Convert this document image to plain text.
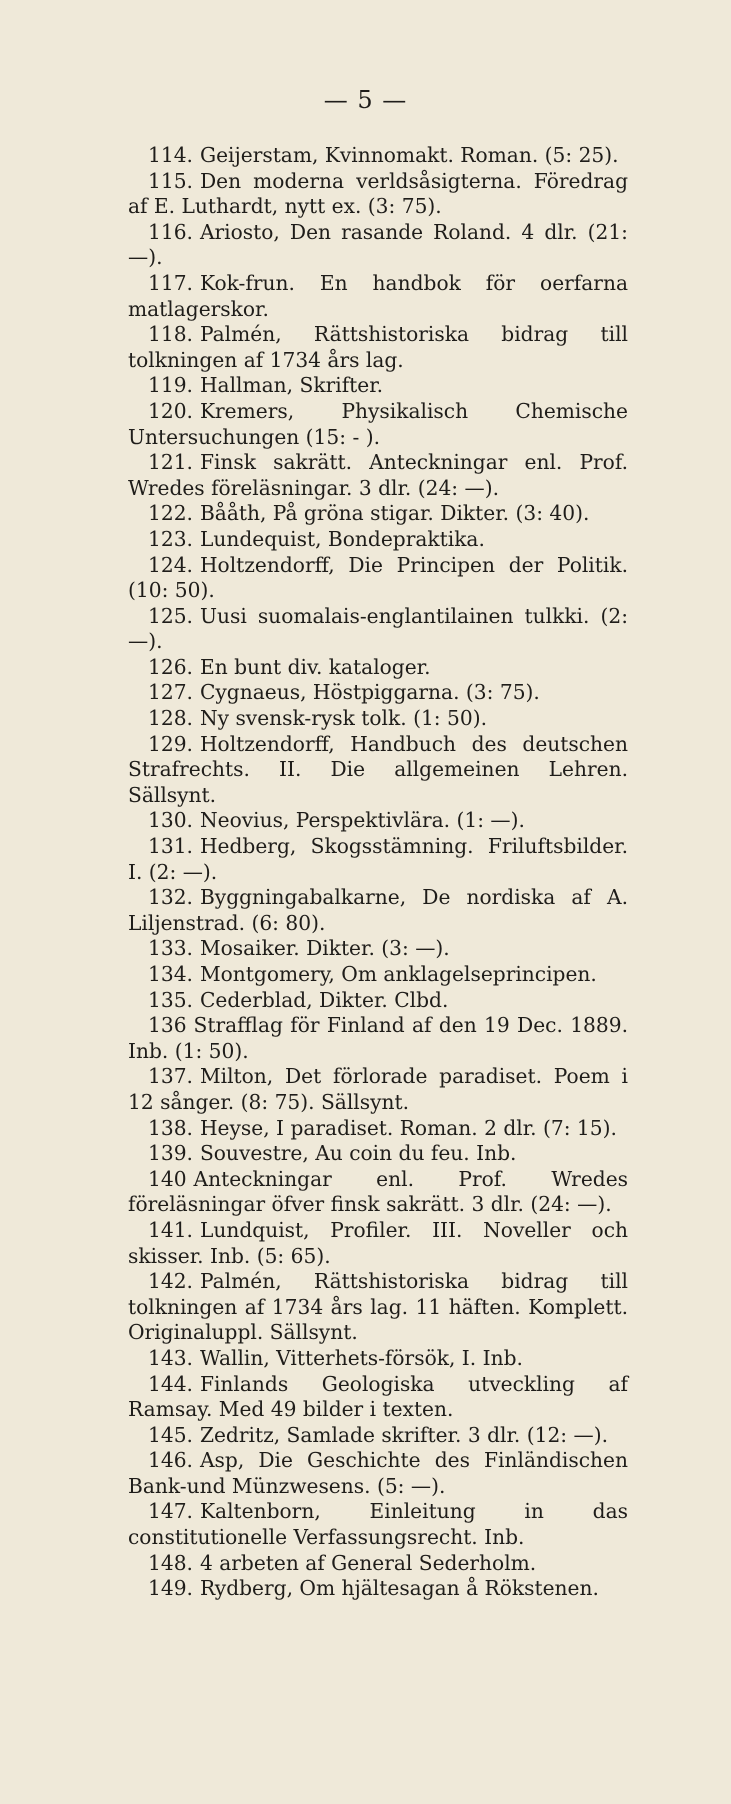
— 5 —
114. Geijerstam, Kvinnomakt. Roman. (5: 25).
115. Den moderna verldsåsigterna. Föredrag af E. Luthardt, nytt ex. (3: 75).
116. Ariosto, Den rasande Roland. 4 dlr. (21: —).
117. Kok-frun. En handbok för oerfarna matlagerskor.
118. Palmén, Rättshistoriska bidrag till tolkningen af 1734 års lag.
119. Hallman, Skrifter.
120. Kremers, Physikalisch Chemische Untersuchungen (15: - ).
121. Finsk sakrätt. Anteckningar enl. Prof. Wredes föreläsningar. 3 dlr. (24: —).
122. Bååth, På gröna stigar. Dikter. (3: 40).
123. Lundequist, Bondepraktika.
124. Holtzendorff, Die Principen der Politik. (10: 50).
125. Uusi suomalais-englantilainen tulkki. (2: —).
126. En bunt div. kataloger.
127. Cygnaeus, Höstpiggarna. (3: 75).
128. Ny svensk-rysk tolk. (1: 50).
129. Holtzendorff, Handbuch des deutschen Strafrechts. II. Die allgemeinen Lehren. Sällsynt.
130. Neovius, Perspektivlära. (1: —).
131. Hedberg, Skogsstämning. Friluftsbilder. I. (2: —).
132. Byggningabalkarne, De nordiska af A. Liljenstrad. (6: 80).
133. Mosaiker. Dikter. (3: —).
134. Montgomery, Om anklagelseprincipen.
135. Cederblad, Dikter. Clbd.
136 Strafflag för Finland af den 19 Dec. 1889. Inb. (1: 50).
137. Milton, Det förlorade paradiset. Poem i 12 sånger. (8: 75). Sällsynt.
138. Heyse, I paradiset. Roman. 2 dlr. (7: 15).
139. Souvestre, Au coin du feu. Inb.
140 Anteckningar enl. Prof. Wredes föreläsningar öfver finsk sakrätt. 3 dlr. (24: —).
141. Lundquist, Profiler. III. Noveller och skisser. Inb. (5: 65).
142. Palmén, Rättshistoriska bidrag till tolkningen af 1734 års lag. 11 häften. Komplett. Originaluppl. Sällsynt.
143. Wallin, Vitterhets-försök, I. Inb.
144. Finlands Geologiska utveckling af Ramsay. Med 49 bilder i texten.
145. Zedritz, Samlade skrifter. 3 dlr. (12: —).
146. Asp, Die Geschichte des Finländischen Bank-und Münzwesens. (5: —).
147. Kaltenborn, Einleitung in das constitutionelle Verfassungsrecht. Inb.
148. 4 arbeten af General Sederholm.
149. Rydberg, Om hjältesagan å Rökstenen.
